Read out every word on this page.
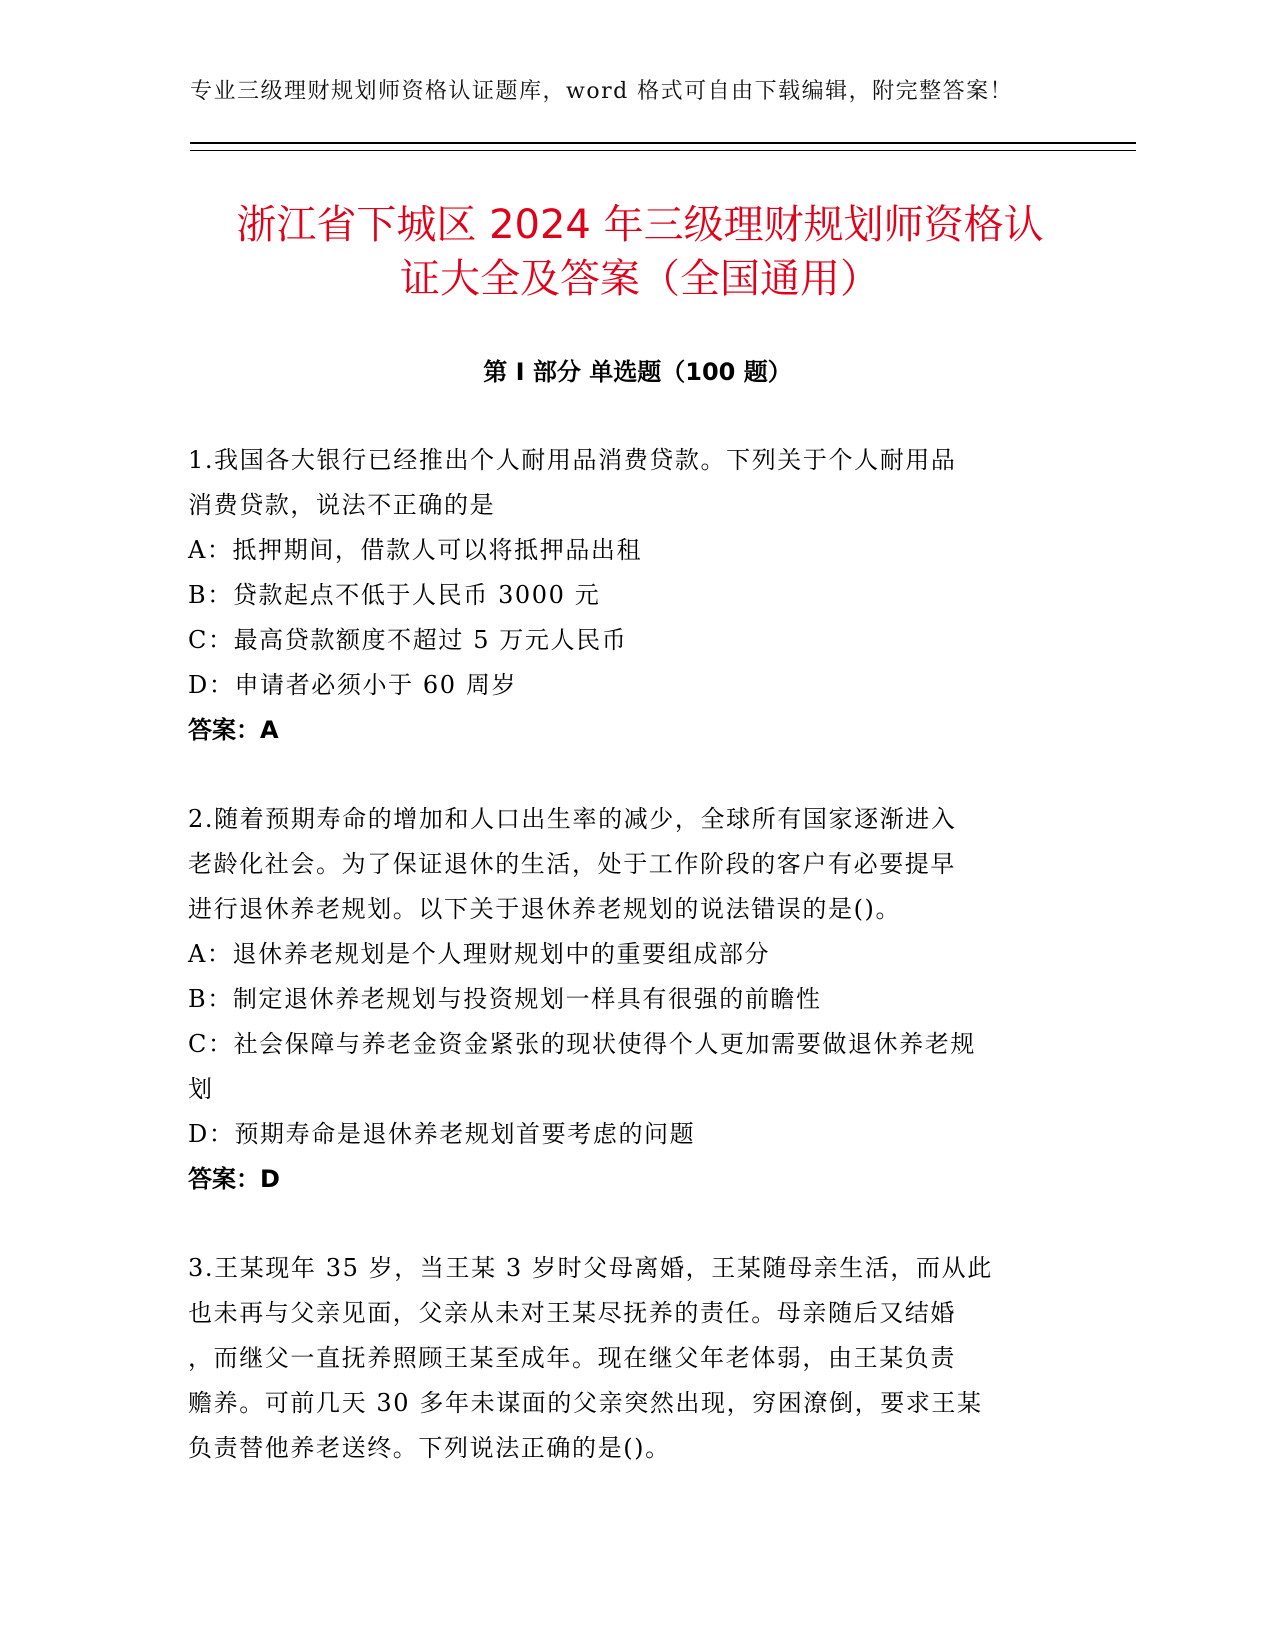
专业三级理财规划师资格认证题库，word 格式可自由下载编辑，附完整答案！
浙江省下城区 2024 年三级理财规划师资格认
证大全及答案（全国通用）
第 I 部分 单选题（100 题）
1.我国各大银行已经推出个人耐用品消费贷款。下列关于个人耐用品
消费贷款，说法不正确的是
A：抵押期间，借款人可以将抵押品出租
B：贷款起点不低于人民币 3000 元
C：最高贷款额度不超过 5 万元人民币
D：申请者必须小于 60 周岁
答案：A
2.随着预期寿命的增加和人口出生率的减少，全球所有国家逐渐进入
老龄化社会。为了保证退休的生活，处于工作阶段的客户有必要提早
进行退休养老规划。以下关于退休养老规划的说法错误的是()。
A：退休养老规划是个人理财规划中的重要组成部分
B：制定退休养老规划与投资规划一样具有很强的前瞻性
C：社会保障与养老金资金紧张的现状使得个人更加需要做退休养老规
划
D：预期寿命是退休养老规划首要考虑的问题
答案：D
3.王某现年 35 岁，当王某 3 岁时父母离婚，王某随母亲生活，而从此
也未再与父亲见面，父亲从未对王某尽抚养的责任。母亲随后又结婚
，而继父一直抚养照顾王某至成年。现在继父年老体弱，由王某负责
赡养。可前几天 30 多年未谋面的父亲突然出现，穷困潦倒，要求王某
负责替他养老送终。下列说法正确的是()。
